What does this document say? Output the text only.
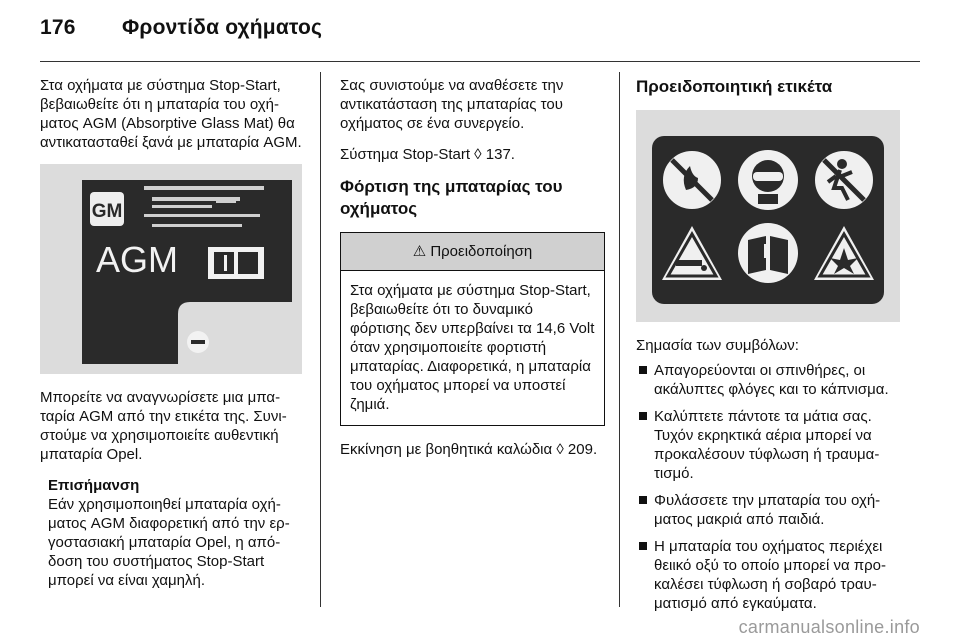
176 Φροντίδα οχήματος

Στα οχήματα με σύστημα Stop-Start, βεβαιωθείτε ότι η μπαταρία του οχήματος AGM (Absorptive Glass Mat) θα αντικατασταθεί ξανά με μπαταρία AGM.

GM
AGM

Μπορείτε να αναγνωρίσετε μια μπαταρία AGM από την ετικέτα της. Συνιστούμε να χρησιμοποιείτε αυθεντική μπαταρία Opel.

Επισήμανση
Εάν χρησιμοποιηθεί μπαταρία οχήματος AGM διαφορετική από την εργοστασιακή μπαταρία Opel, η απόδοση του συστήματος Stop-Start μπορεί να είναι χαμηλή.

Σας συνιστούμε να αναθέσετε την αντικατάσταση της μπαταρίας του οχήματος σε ένα συνεργείο.

Σύστημα Stop-Start ◊ 137.

Φόρτιση της μπαταρίας του οχήματος
⚠ Προειδοποίηση
Στα οχήματα με σύστημα Stop-Start, βεβαιωθείτε ότι το δυναμικό φόρτισης δεν υπερβαίνει τα 14,6 Volt όταν χρησιμοποιείτε φορτιστή μπαταρίας. Διαφορετικά, η μπαταρία του οχήματος μπορεί να υποστεί ζημιά.

Εκκίνηση με βοηθητικά καλώδια ◊ 209.

Προειδοποιητική ετικέτα

Σημασία των συμβόλων:

Απαγορεύονται οι σπινθήρες, οι ακάλυπτες φλόγες και το κάπνισμα.
Καλύπτετε πάντοτε τα μάτια σας. Τυχόν εκρηκτικά αέρια μπορεί να προκαλέσουν τύφλωση ή τραυματισμό.
Φυλάσσετε την μπαταρία του οχήματος μακριά από παιδιά.
Η μπαταρία του οχήματος περιέχει θειικό οξύ το οποίο μπορεί να προκαλέσει τύφλωση ή σοβαρό τραυματισμό από εγκαύματα.
carmanualsonline.info
